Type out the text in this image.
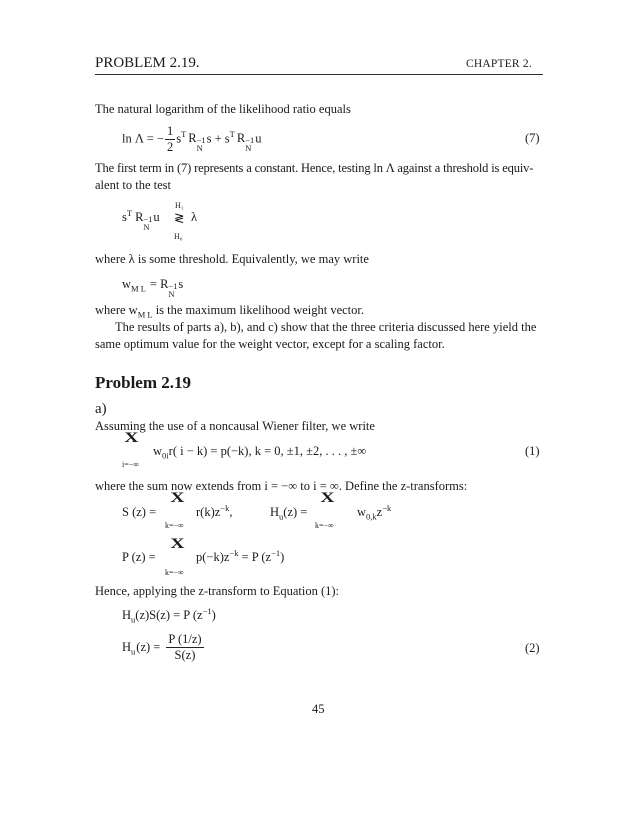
PROBLEM 2.19.	CHAPTER 2.
The natural logarithm of the likelihood ratio equals
ln Λ = − $\frac{1}{2} s^T$ R −1
N
$s + s^T$ R −1
N
u	(7)
The first term in (7) represents a constant. Hence, testing ln Λ against a threshold is equiv-
alent to the test
$s^T$ R −1
N
u
H₁
≷
H₀
λ
where λ is some threshold. Equivalently, we may write
$w_{M L} = R -1$
N
s
where $w_{M L}$ is the maximum likelihood weight vector.
The results of parts a), b), and c) show that the three criteria discussed here yield the
same optimum value for the weight vector, except for a scaling factor.
Problem 2.19
a)
Assuming the use of a noncausal Wiener filter, we write
X
i=−∞
$w_{0i}r$( i − k) = p(−k), k = 0, ±1, ±2, . . . , ±∞	(1)
where the sum now extends from i = −∞ to i = ∞. Define the z-transforms:
S (z) =
X
k=−∞
$r(k)z^{-k}$,	$H_u(z)$ =
X
k=−∞
$w_{0,k}z^{-k}$
P (z) =
X
k=−∞
$p(-k)z^{-k} = P$ $(z^{-1})$
Hence, applying the z-transform to Equation (1):
$H_u(z)S(z) = P$ $(z^{-1})$
$H_u(z) = \frac{P (1/z)}{S(z)}$	(2)
45
